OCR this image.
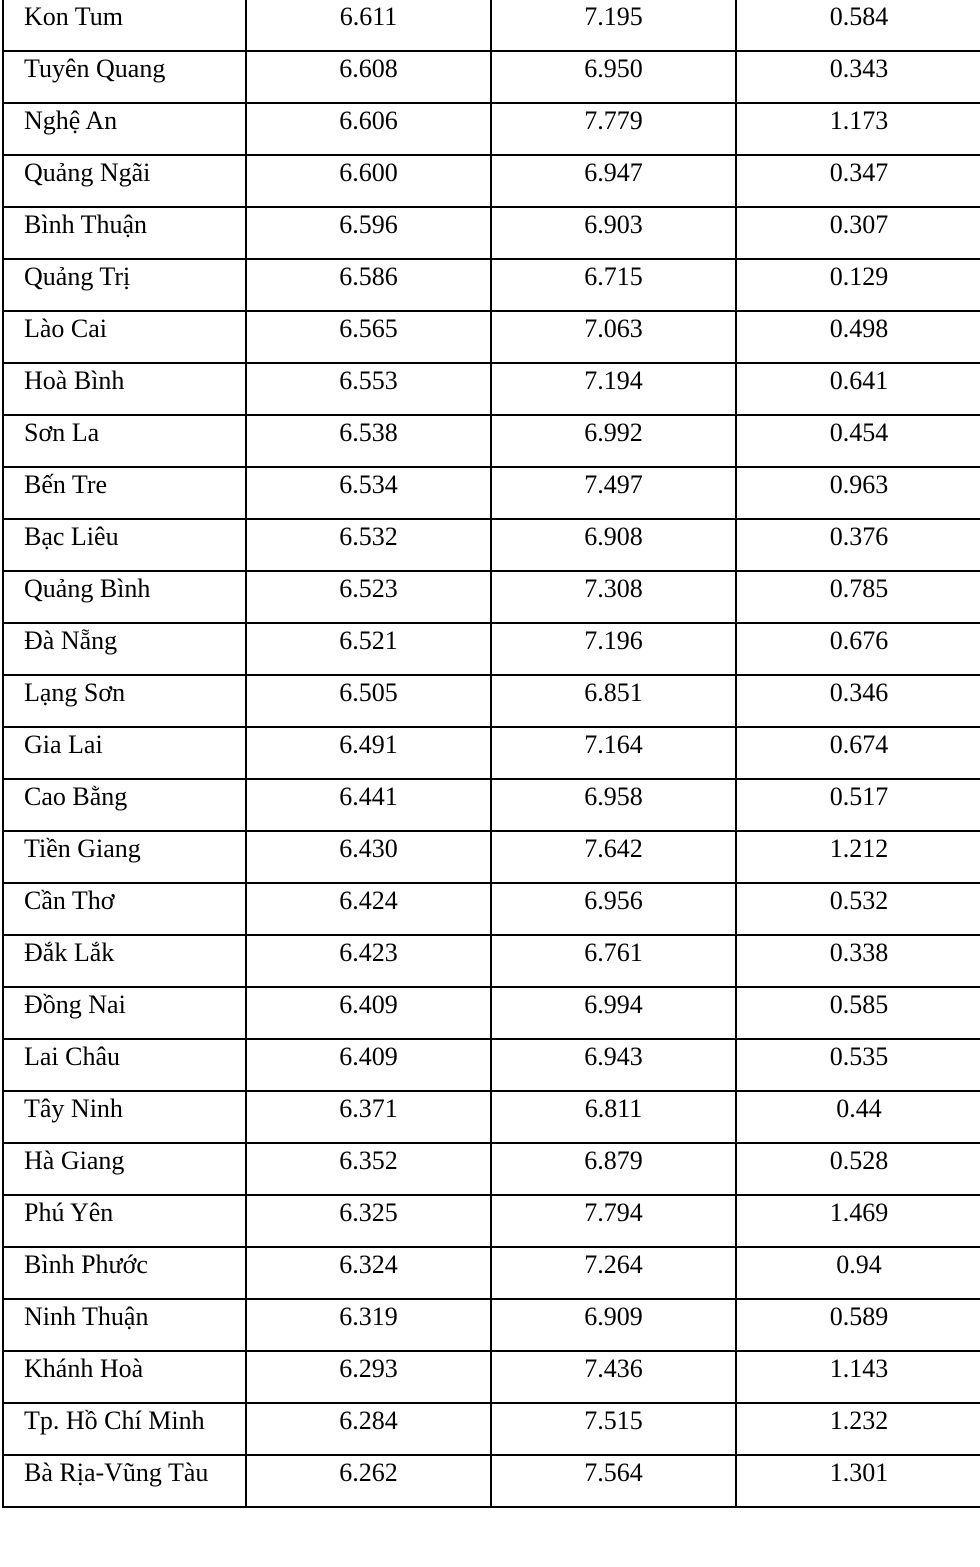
Kon Tum	6.611	7.195	0.584
Tuyên Quang	6.608	6.950	0.343
Nghệ An	6.606	7.779	1.173
Quảng Ngãi	6.600	6.947	0.347
Bình Thuận	6.596	6.903	0.307
Quảng Trị	6.586	6.715	0.129
Lào Cai	6.565	7.063	0.498
Hoà Bình	6.553	7.194	0.641
Sơn La	6.538	6.992	0.454
Bến Tre	6.534	7.497	0.963
Bạc Liêu	6.532	6.908	0.376
Quảng Bình	6.523	7.308	0.785
Đà Nẵng	6.521	7.196	0.676
Lạng Sơn	6.505	6.851	0.346
Gia Lai	6.491	7.164	0.674
Cao Bằng	6.441	6.958	0.517
Tiền Giang	6.430	7.642	1.212
Cần Thơ	6.424	6.956	0.532
Đắk Lắk	6.423	6.761	0.338
Đồng Nai	6.409	6.994	0.585
Lai Châu	6.409	6.943	0.535
Tây Ninh	6.371	6.811	0.44
Hà Giang	6.352	6.879	0.528
Phú Yên	6.325	7.794	1.469
Bình Phước	6.324	7.264	0.94
Ninh Thuận	6.319	6.909	0.589
Khánh Hoà	6.293	7.436	1.143
Tp. Hồ Chí Minh	6.284	7.515	1.232
Bà Rịa-Vũng Tàu	6.262	7.564	1.301
